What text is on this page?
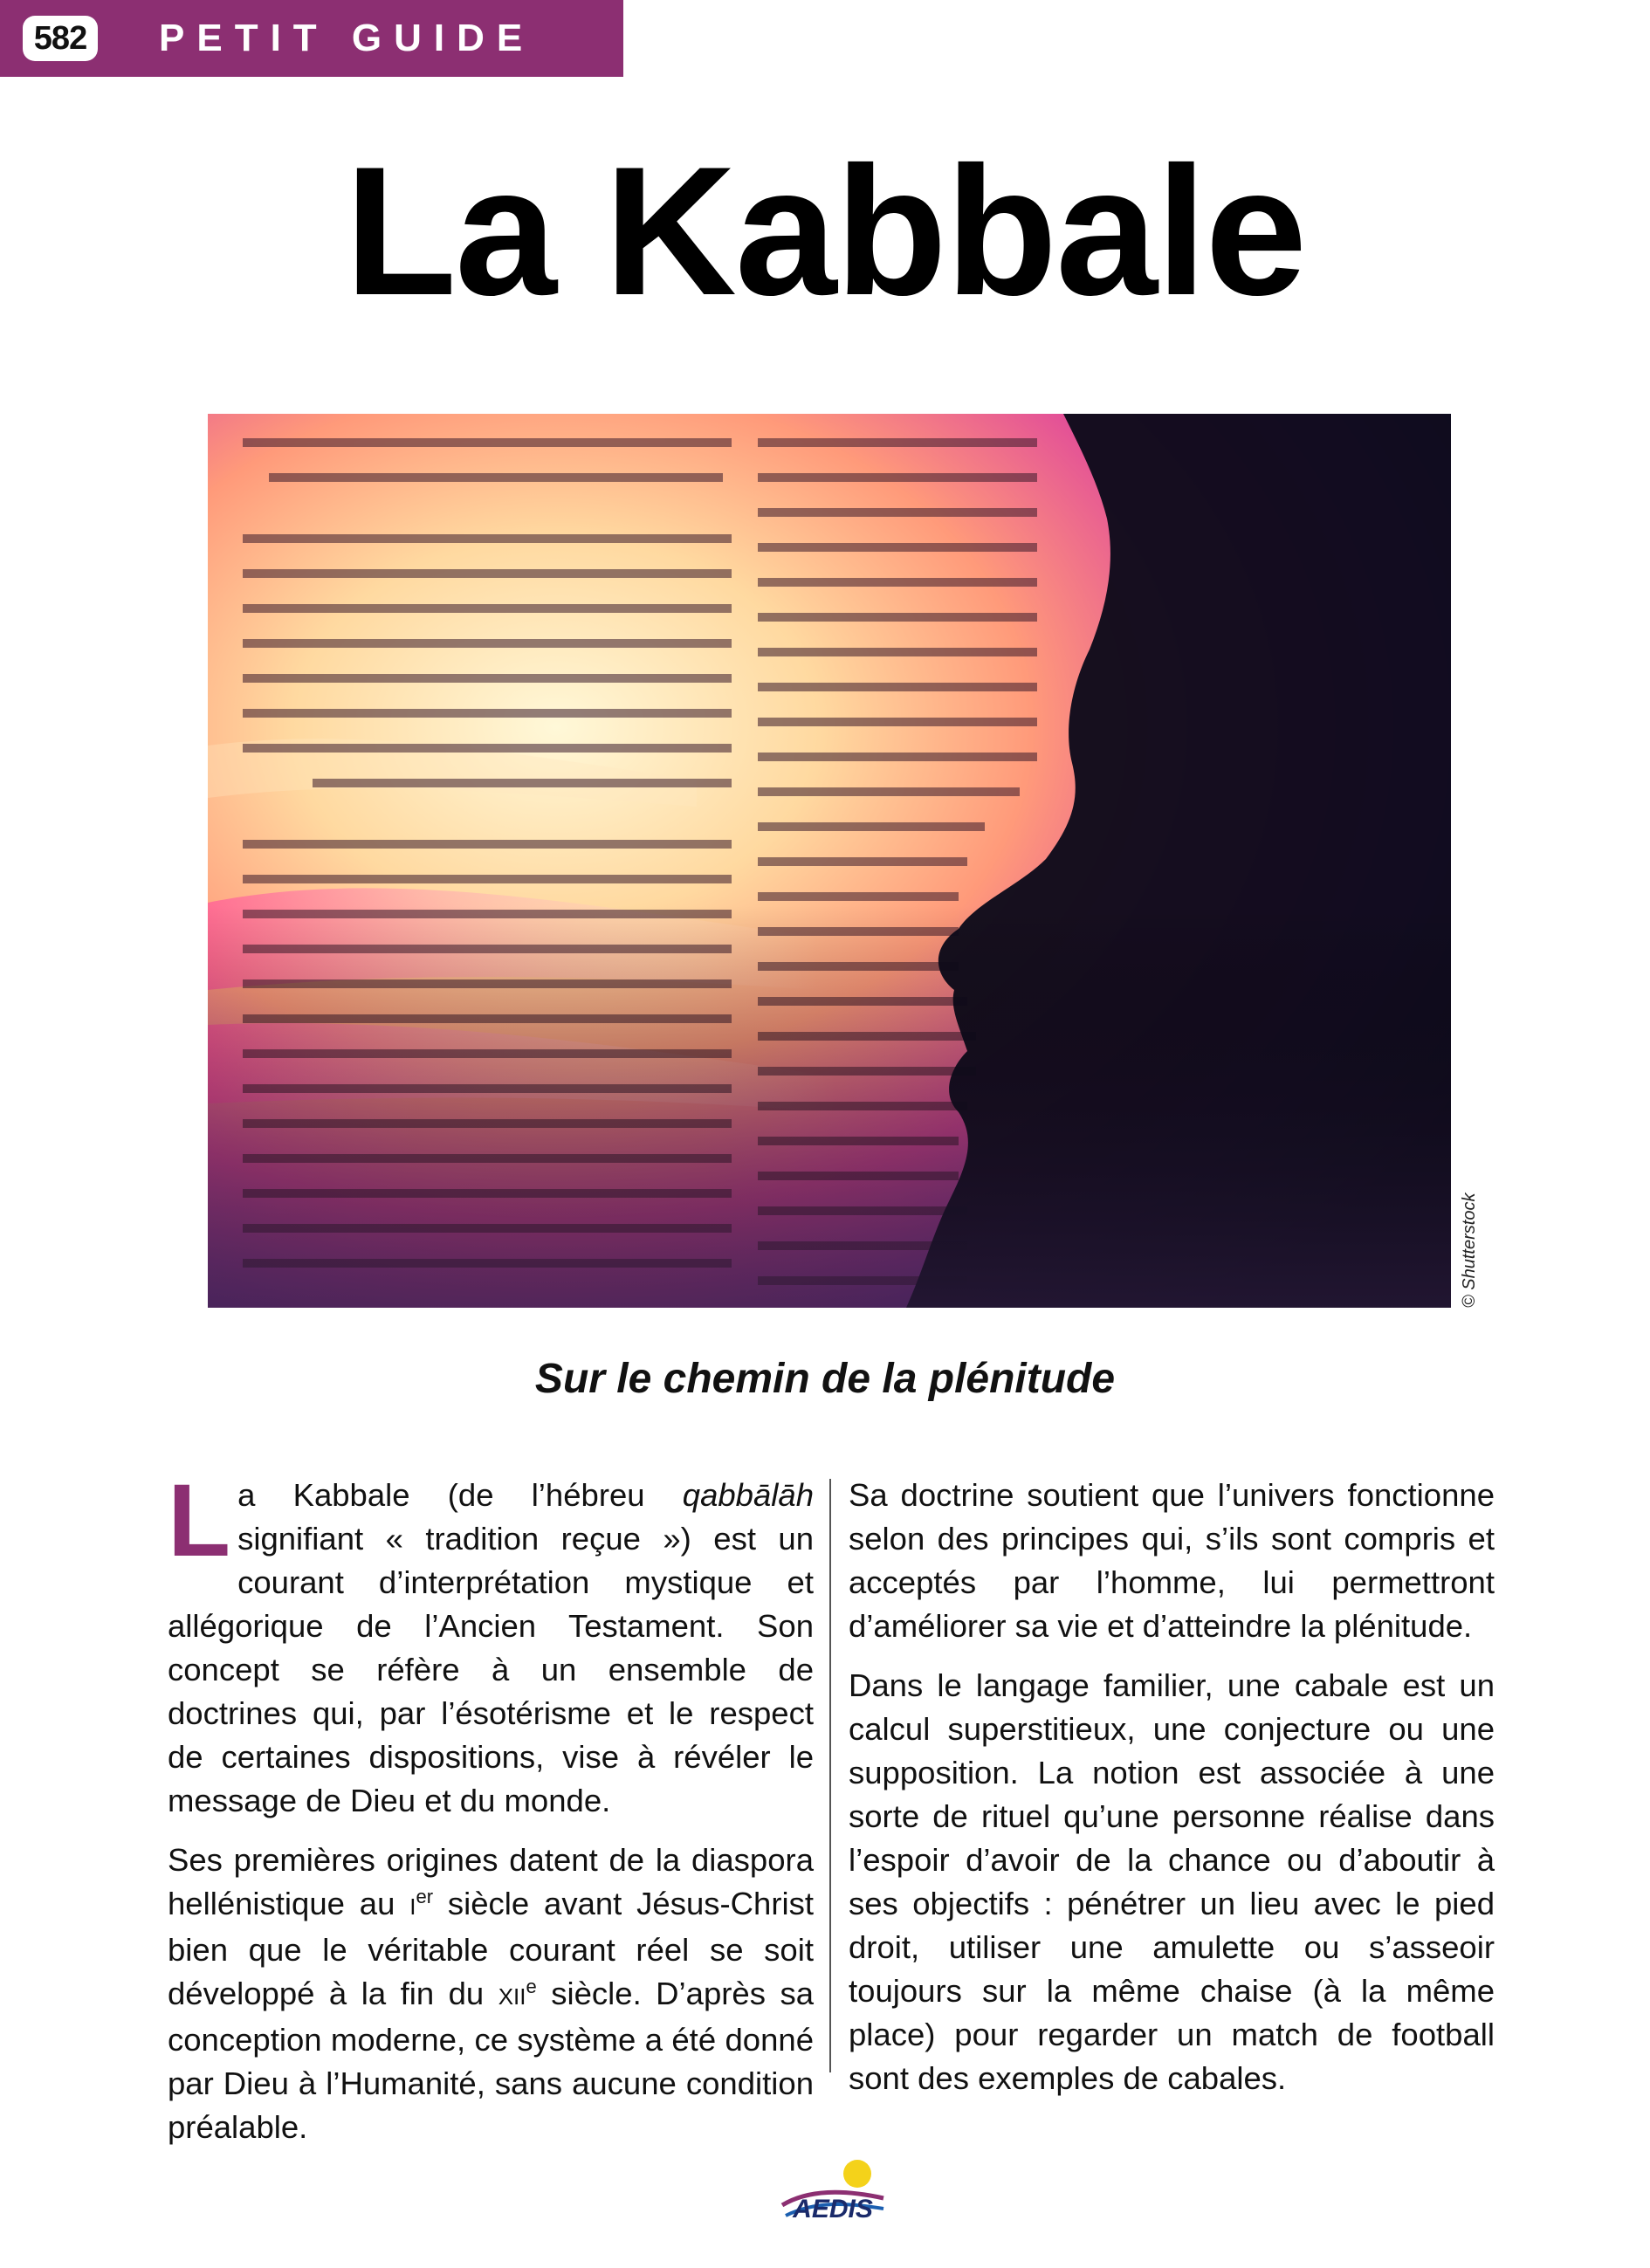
582 PETIT GUIDE
La Kabbale
© Shutterstock
Sur le chemin de la plénitude

La Kabbale (de l’hébreu qabbālāh signifiant « tradition reçue ») est un courant d’interprétation mystique et allégorique de l’Ancien Testament. Son concept se réfère à un ensemble de doctrines qui, par l’ésotérisme et le respect de certaines dispositions, vise à révéler le message de Dieu et du monde.

Ses premières origines datent de la diaspora hellénistique au Ier siècle avant Jésus-Christ bien que le véritable courant réel se soit développé à la fin du XIIe siècle. D’après sa conception moderne, ce système a été donné par Dieu à l’Humanité, sans aucune condition préalable.

Sa doctrine soutient que l’univers fonctionne selon des principes qui, s’ils sont compris et acceptés par l’homme, lui permettront d’améliorer sa vie et d’atteindre la plénitude.

Dans le langage familier, une cabale est un calcul superstitieux, une conjecture ou une supposition. La notion est associée à une sorte de rituel qu’une personne réalise dans l’espoir d’avoir de la chance ou d’aboutir à ses objectifs : pénétrer un lieu avec le pied droit, utiliser une amulette ou s’asseoir toujours sur la même chaise (à la même place) pour regarder un match de football sont des exemples de cabales.

AEDIS
